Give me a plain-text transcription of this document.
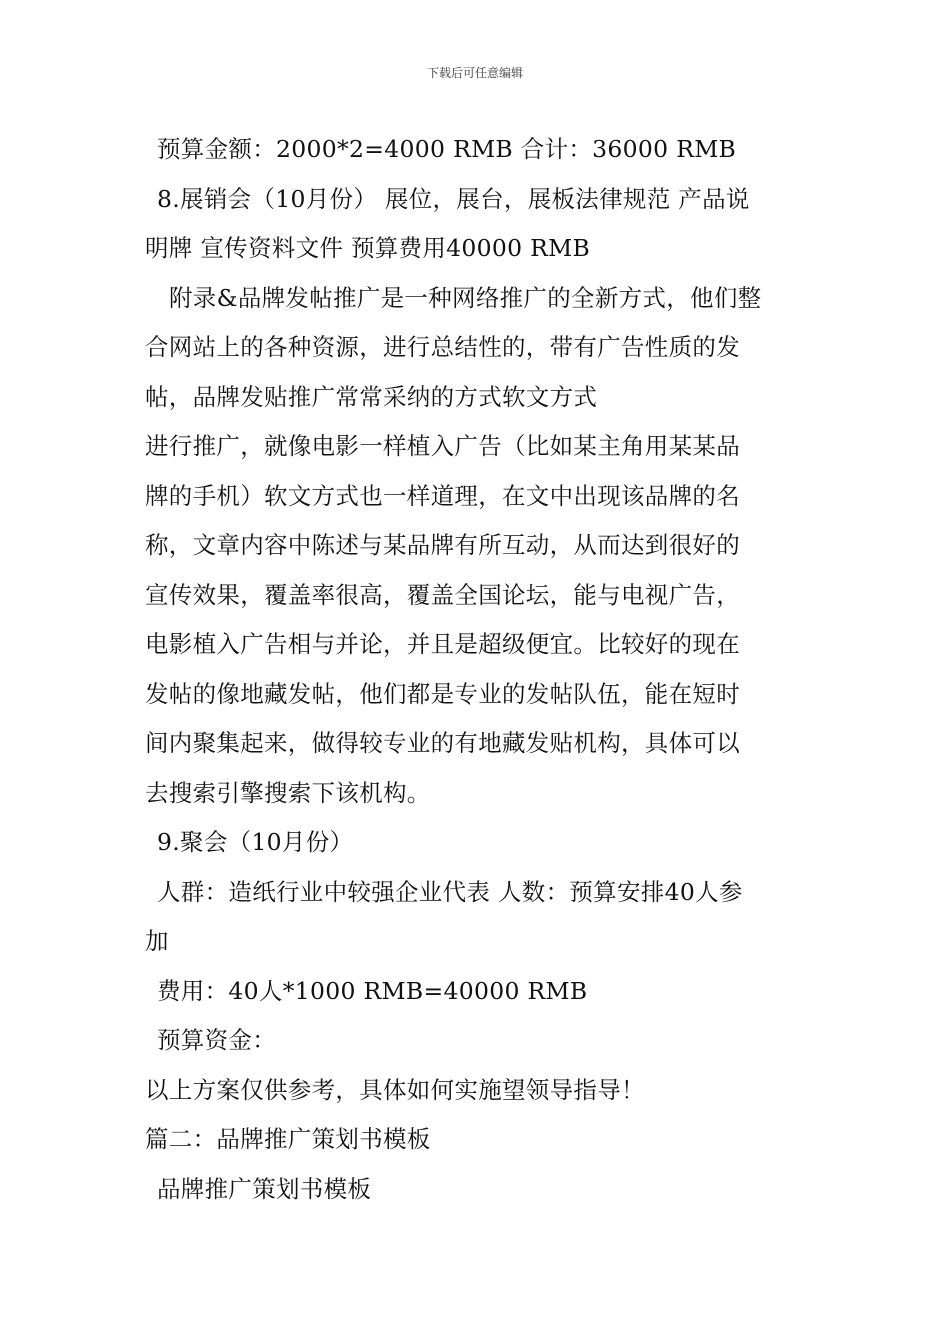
下载后可任意编辑
预算金额：2000*2=4000 RMB 合计：36000 RMB
8.展销会（10月份） 展位，展台，展板法律规范 产品说
明牌 宣传资料文件 预算费用40000 RMB
附录&品牌发帖推广是一种网络推广的全新方式，他们整
合网站上的各种资源，进行总结性的，带有广告性质的发
帖，品牌发贴推广常常采纳的方式软文方式
进行推广，就像电影一样植入广告（比如某主角用某某品
牌的手机）软文方式也一样道理，在文中出现该品牌的名
称，文章内容中陈述与某品牌有所互动，从而达到很好的
宣传效果，覆盖率很高，覆盖全国论坛，能与电视广告，
电影植入广告相与并论，并且是超级便宜。比较好的现在
发帖的像地藏发帖，他们都是专业的发帖队伍，能在短时
间内聚集起来，做得较专业的有地藏发贴机构，具体可以
去搜索引擎搜索下该机构。
9.聚会（10月份）
人群：造纸行业中较强企业代表 人数：预算安排40人参
加
费用：40人*1000 RMB=40000 RMB
预算资金：
以上方案仅供参考，具体如何实施望领导指导！
篇二：品牌推广策划书模板
品牌推广策划书模板
